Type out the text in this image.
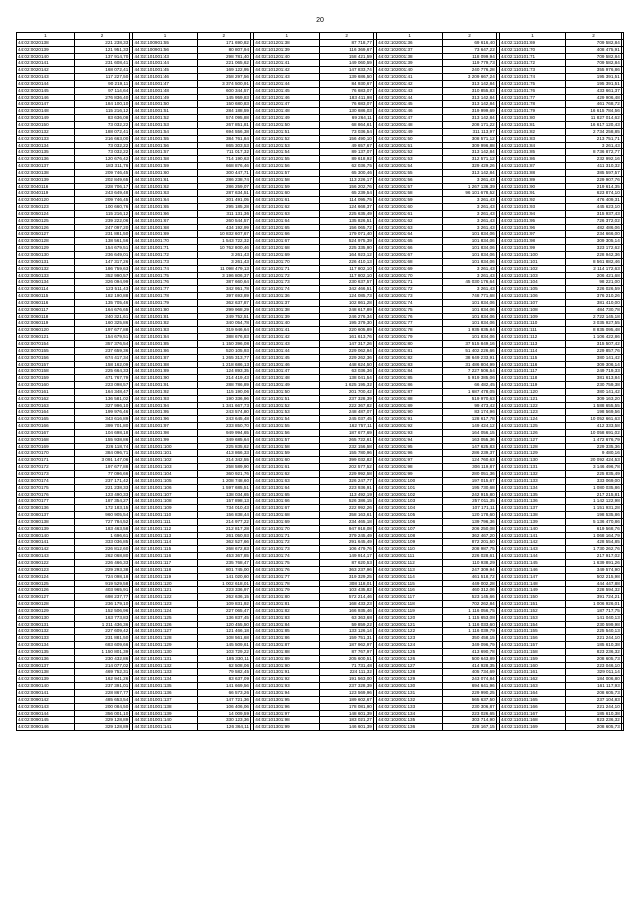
20
1	2		1	2		1	2		1	2		1	2	
44:02:0020138	221 238,33		44:02:100901:55	171 690,82		44:02:101201:38	87 718,77		44:02:102001:36	69 616,40		44:02:110101:69	709 582,84	
44:02:0020139	121 951,33		44:02:100901:56	80 807,94		44:02:101201:39	116 369,67		44:02:102001:37	73 647,22		44:02:110101:70	408 475,91	
44:02:0020140	137 914,70		44:02:101001:43	298 781,40		44:02:101201:40	158 421,59		44:02:102001:38	118 099,94		44:02:110101:71	709 582,84	
44:02:0020141	231 608,41		44:02:101001:44	221 065,62		44:02:101201:41	149 060,59		44:02:102001:39	119 779,73		44:02:110101:72	709 582,84	
44:02:0020142	168 072,41		44:02:101001:45	169 122,95		44:02:101201:42	147 833,74		44:02:102001:40	240 776,28		44:02:110101:73	355 976,86	
44:02:0020143	117 227,50		44:02:101001:46	258 297,56		44:02:101201:43	139 686,50		44:02:102001:41	3 209 667,24		44:02:110101:74	195 391,51	
44:02:0020144	90 219,11		44:02:101001:47	3 374 500,91		44:02:101201:44	84 930,67		44:02:102001:42	313 142,84		44:02:110101:75	195 391,51	
44:02:0020145	97 114,64		44:02:101001:48	600 344,57		44:02:101201:45	76 683,07		44:02:102001:43	310 855,83		44:02:110101:76	433 661,37	
44:02:0020146	276 836,40		44:02:101001:49	145 959,83		44:02:101201:46	183 411,98		44:02:102001:44	313 142,84		44:02:110101:77	429 906,48	
44:02:0020147	184 100,10		44:02:101001:50	150 680,83		44:02:101201:47	76 683,07		44:02:102001:45	313 142,84		44:02:110101:78	461 768,72	
44:02:0020148	115 216,12		44:02:101001:51	284 188,59		44:02:101201:48	130 686,03		44:02:102001:46	319 999,69		44:02:110101:79	16 615 784,56	
44:02:0020149	83 636,08		44:02:101001:52	574 095,88		44:02:101201:49	69 264,11		44:02:102001:47	313 142,84		44:02:110101:80	11 827 014,62	
44:02:0020150	73 032,22		44:02:101001:53	267 851,81		44:02:101201:50	68 864,61		44:02:102001:48	208 171,22		44:02:110101:81	16 617 120,43	
44:02:0030132	188 072,41		44:02:101001:54	694 556,38		44:02:101201:51	73 036,54		44:02:102001:49	311 113,97		44:02:110101:82	2 734 258,85	
44:02:0030133	216 663,00		44:02:101001:55	384 761,84		44:02:101201:52	156 490,10		44:02:102001:50	308 571,12		44:02:110101:83	213 751,71	
44:02:0030134	73 032,22		44:02:101001:56	865 303,53		44:02:101201:53	49 657,67		44:02:102001:51	309 996,88		44:02:110101:84	3 261,43	
44:02:0030135	73 032,22		44:02:101001:57	711 017,32		44:02:101201:54	89 137,07		44:02:102001:52	313 142,84		44:02:110101:85	8 736 872,77	
44:02:0030136	120 676,42		44:02:101001:58	714 190,63		44:02:101201:55	89 618,92		44:02:102001:53	312 571,12		44:02:110101:86	232 992,16	
44:02:0030137	183 311,76		44:02:101001:59	668 876,46		44:02:101201:56	62 036,75		44:02:102001:54	329 429,26		44:02:110101:87	411 310,32	
44:02:0030138	209 746,45		44:02:101001:60	300 447,71		44:02:101201:57	65 300,46		44:02:102001:55	313 142,84		44:02:110101:88	385 597,57	
44:02:0030139	202 849,65		44:02:101001:61	286 238,74		44:02:101201:58	113 226,17		44:02:102001:56	3 261,43		44:02:110101:89	229 907,76	
44:02:0040116	228 706,17		44:02:101001:62	286 259,07		44:02:101201:59	156 202,76		44:02:102001:57	1 267 136,39		44:02:110101:90	219 614,35	
44:02:0040119	243 649,48		44:02:101001:63	287 634,51		44:02:101201:60	65 239,54		44:02:102001:58	96 101 678,52		44:02:110101:91	623 874,10	
44:02:0040120	209 746,45		44:02:101001:64	201 491,05		44:02:101201:61	114 095,75		44:02:102001:59	3 261,43		44:02:110101:92	476 409,31	
44:02:0050123	100 660,76		44:02:101001:65	295 185,28		44:02:101201:62	124 668,37		44:02:102001:60	3 261,43		44:02:110101:93	445 623,10	
44:02:0050124	115 216,12		44:02:101001:66	311 131,36		44:02:101201:63	225 635,49		44:02:102001:61	3 261,43		44:02:110101:94	315 937,43	
44:02:0050125	239 222,06		44:02:101001:67	260 544,57		44:02:101201:64	135 826,51		44:02:102001:62	3 261,43		44:02:110101:95	726 372,02	
44:02:0050126	247 097,20		44:02:101001:68	434 192,99		44:02:101201:65	156 065,72		44:02:102001:63	3 261,43		44:02:110101:96	482 486,06	
44:02:0050127	231 881,50		44:02:101001:69	10 832 607,67		44:02:101201:66	179 071,40		44:02:102001:64	101 834,06		44:02:110101:97	234 666,00	
44:02:0050128	138 561,56		44:02:101001:70	1 543 722,32		44:02:101201:67	524 975,39		44:02:102001:65	101 834,06		44:02:110101:98	309 305,14	
44:02:0050129	154 679,51		44:02:101001:71	10 762 800,46		44:02:101201:68	225 335,90		44:02:102001:66	101 834,06		44:02:110101:99	323 172,62	
44:02:0050130	236 649,01		44:02:101001:72	3 261,43		44:02:101201:69	164 923,12		44:02:102001:67	101 834,06		44:02:110101:100	228 942,36	
44:02:0050131	147 317,26		44:02:101001:73	3 261,43		44:02:101201:70	226 410,13		44:02:102001:68	101 834,06		44:02:110101:101	8 561 882,46	
44:02:0050132	186 759,63		44:02:101001:74	11 098 479,13		44:02:101201:71	117 802,10		44:02:102001:69	3 261,43		44:02:110101:102	2 114 172,63	
44:02:0050133	352 990,57		44:02:101001:75	3 196 806,37		44:02:101201:72	117 802,10		44:02:102001:70	3 261,43		44:02:110101:103	206 421,68	
44:02:0050134	326 094,99		44:02:101001:76	387 660,64		44:02:101201:73	230 637,57		44:02:102001:71	45 030 176,64		44:02:110101:104	98 221,00	
44:02:0060114	123 511,43		44:02:101001:77	342 951,78		44:02:101201:74	342 466,51		44:02:102001:72	3 261,43		44:02:110101:105	226 026,59	
44:02:0060115	182 190,88		44:02:101001:78	397 693,89		44:02:101301:36	124 085,73		44:02:102001:73	748 771,68		44:02:110101:106	376 210,26	
44:02:0060116	135 705,46		44:02:101001:79	362 637,87		44:02:101301:37	102 861,28		44:02:102001:74	101 834,06		44:02:110101:107	381 410,00	
44:02:0060117	164 676,65		44:02:101001:80	299 968,29		44:02:101301:38	248 617,89		44:02:102001:75	101 834,06		44:02:110101:108	484 730,78	
44:02:0060118	240 321,61		44:02:101001:81	249 752,51		44:02:101301:39	246 276,34		44:02:102001:76	101 834,06		44:02:110101:109	2 722 145,18	
44:02:0060119	160 325,86		44:02:101001:82	340 054,78		44:02:101301:40	195 379,30		44:02:102001:77	101 834,06		44:02:110101:110	3 035 927,55	
44:02:0060120	197 677,88		44:02:101001:83	319 946,64		44:02:101301:41	220 605,89		44:02:102001:78	1 935 835,84		44:02:110101:111	8 835 095,48	
44:02:0060121	154 679,51		44:02:101001:84	388 676,83		44:02:101301:42	161 613,76		44:02:102001:79	101 834,06		44:02:110101:112	1 106 422,86	
44:02:0070154	357 376,54		44:02:101001:85	1 150 396,08		44:02:101301:43	147 317,26		44:02:102001:80	37 515 849,16		44:02:110101:113	315 507,42	
44:02:0070155	237 659,36		44:02:101001:86	520 105,93		44:02:101301:44	229 062,94		44:02:102001:81	51 402 226,66		44:02:110101:114	229 857,76	
44:02:0070156	674 417,34		44:02:101001:87	1 265 313,77		44:02:101301:45	229 262,36		44:02:102001:82	38 649 233,91		44:02:110101:115	380 141,42	
44:02:0070157	158 162,09		44:02:101001:88	1 218 686,13		44:02:101301:46	448 624,50		44:02:102001:83	31 486 804,99		44:02:110101:116	309 306,14	
44:02:0070158	225 664,33		44:02:101001:89	124 893,35		44:02:101301:47	63 036,36		44:02:102001:84	7 227 506,54		44:02:110101:117	249 719,33	
44:02:0070159	471 767,79		44:02:101001:90	214 419,43		44:02:101301:48	138 041,54		44:02:102001:85	5 919 385,06		44:02:110101:118	381 613,84	
44:02:0070160	223 098,57		44:02:101001:91	288 786,89		44:02:101301:49	1 625 195,32		44:02:102001:86	66 482,45		44:02:110101:119	230 759,38	
44:02:0070161	164 348,47		44:02:101001:92	115 190,06		44:02:101301:50	201 700,42		44:02:102001:87	1 687 478,05		44:02:110101:120	380 141,42	
44:02:0070162	136 581,02		44:02:101001:93	190 336,96		44:02:101301:51	237 328,39		44:02:102001:88	519 970,63		44:02:110101:121	309 163,20	
44:02:0070163	327 996,10		44:02:101001:94	1 341 667,73		44:02:101301:52	222 367,82		44:02:102001:89	99 473,42		44:02:110101:122	1 588 655,55	
44:02:0070164	199 976,46		44:02:101001:95	243 574,80		44:02:101301:53	248 487,07		44:02:102001:90	83 174,96		44:02:110101:123	198 569,56	
44:02:0070165	343 616,89		44:02:101001:96	243 645,48		44:02:101301:54	245 037,45		44:02:102001:91	128 617,78		44:02:110101:124	10 052 661,63	
44:02:0070166	399 701,80		44:02:101001:97	233 850,70		44:02:101301:55	162 757,11		44:02:102001:92	149 424,12		44:02:110101:125	412 333,58	
44:02:0070167	104 698,18		44:02:101001:98	949 994,65		44:02:101301:56	187 677,69		44:02:102001:93	164 056,15		44:02:110101:126	10 058 691,02	
44:02:0070168	155 938,86		44:02:101001:99	349 685,64		44:02:101301:57	265 722,61		44:02:102001:94	163 055,36		44:02:110101:127	1 472 676,79	
44:02:0070169	226 118,74		44:02:101001:100	225 835,62		44:02:101301:58	232 156,58		44:02:102001:95	147 625,83		44:02:110101:128	229 335,36	
44:02:0070170	384 096,71		44:02:101001:101	413 866,33		44:02:101301:59	155 780,96		44:02:102001:96	286 239,37		44:02:110101:129	9 480,16	
44:02:0070171	3 091 147,06		44:02:101001:102	214 342,55		44:02:101301:60	399 032,82		44:02:102001:97	124 760,63		44:02:110101:130	20 092 424,53	
44:02:0070172	197 677,88		44:02:101001:103	258 589,90		44:02:101301:61	202 577,52		44:02:102001:98	306 119,87		44:02:110101:131	3 146 496,78	
44:02:0070173	77 096,66		44:02:101001:104	360 921,76		44:02:101301:62	229 992,58		44:02:102001:99	280 051,36		44:02:110101:132	225 835,49	
44:02:0070174	237 171,42		44:02:101001:105	1 208 748,60		44:02:101301:63	326 247,77		44:02:102001:100	197 015,67		44:02:110101:133	333 069,00	
44:02:0070175	221 238,33		44:02:101001:106	1 597 685,51		44:02:101301:64	223 936,91		44:02:102001:101	195 730,68		44:02:110101:134	1 080 035,86	
44:02:0070176	123 490,33		44:02:101001:107	138 034,65		44:02:101301:65	113 492,19		44:02:102001:102	242 915,80		44:02:110101:135	217 215,81	
44:02:0070177	187 354,27		44:02:101001:108	157 898,13		44:02:101301:66	526 386,15		44:02:102001:103	257 011,35		44:02:110101:136	1 142 122,98	
44:02:0080136	172 183,15		44:02:101001:109	734 010,43		44:02:101301:67	222 992,26		44:02:102001:104	107 171,11		44:02:110101:137	1 151 931,28	
44:02:0080137	960 905,54		44:02:101001:110	156 838,44		44:02:101301:68	358 163,61		44:02:102001:105	120 178,60		44:02:110101:138	198 535,86	
44:02:0080138	727 784,52		44:02:101001:111	214 977,22		44:02:101301:69	234 465,18		44:02:102001:106	139 796,36		44:02:110101:139	5 136 470,86	
44:02:0080139	183 463,58		44:02:101001:112	212 817,28		44:02:101301:70	947 918,08		44:02:102001:107	206 250,08		44:02:110101:140	619 568,76	
44:02:0080140	1 696,61		44:02:101001:113	261 050,93		44:02:101301:71	379 245,49		44:02:102001:108	362 467,20		44:02:110101:141	1 068 164,79	
44:02:0080141	333 036,85		44:02:101001:114	362 527,66		44:02:101301:72	291 645,49		44:02:102001:109	872 201,50		44:02:110101:142	428 554,85	
44:02:0080142	226 812,60		44:02:101001:115	268 672,83		44:02:101301:73	106 479,76		44:02:102001:110	208 987,75		44:02:110101:143	1 730 262,76	
44:02:0080143	262 068,80		44:02:101001:116	453 367,85		44:02:101301:74	149 914,17		44:02:102001:111	226 028,61		44:02:110101:144	217 917,02	
44:02:0090122	226 466,33		44:02:101001:117	235 768,47		44:02:101301:75	87 620,53		44:02:102001:112	110 938,29		44:02:110101:145	1 639 891,26	
44:02:0090123	229 293,38		44:02:101001:118	801 745,00		44:02:101301:76	363 237,96		44:02:102001:113	247 309,94		44:02:110101:146	349 574,90	
44:02:0090124	724 098,18		44:02:101001:119	141 020,60		44:02:101301:77	319 329,25		44:02:102001:114	461 518,72		44:02:110101:147	502 215,98	
44:02:0090125	919 529,58		44:02:101001:120	1 002 618,01		44:02:101301:78	308 118,01		44:02:102001:115	449 002,28		44:02:110101:148	444 447,88	
44:02:0090126	403 965,91		44:02:101001:121	223 336,97		44:02:101301:79	103 435,82		44:02:102001:116	460 312,06		44:02:110101:149	228 594,32	
44:02:0090127	698 237,77		44:02:101001:122	262 636,15		44:02:101301:80	572 214,46		44:02:102001:117	523 145,66		44:02:110101:150	391 724,21	
44:02:0090128	236 179,10		44:02:101001:123	109 831,92		44:02:101301:81	168 433,23		44:02:102001:118	702 262,84		44:02:110101:151	1 006 926,01	
44:02:0090129	152 506,96		44:02:101001:124	227 065,47		44:02:101301:82	166 935,46		44:02:102001:119	1 116 056,75		44:02:110101:152	187 717,75	
44:02:0090130	163 773,83		44:02:101001:125	136 837,45		44:02:101301:83	63 363,68		44:02:102001:120	1 115 653,08		44:02:110101:153	141 040,13	
44:02:0090131	1 211 436,36		44:02:101001:126	120 455,50		44:02:101301:84	59 859,22		44:02:102001:121	1 116 033,60		44:02:110101:154	230 599,98	
44:02:0090132	227 609,42		44:02:101001:127	121 466,18		44:02:101301:85	133 126,14		44:02:102001:122	1 116 039,79		44:02:110101:155	225 540,13	
44:02:0090133	231 881,50		44:02:101001:128	108 561,68		44:02:101301:86	159 751,31		44:02:102001:123	350 458,15		44:02:110101:156	221 244,10	
44:02:0090134	683 609,66		44:02:101001:129	145 509,61		44:02:101301:87	187 962,97		44:02:102001:124	349 096,79		44:02:110101:157	185 610,38	
44:02:0090135	1 150 801,39		44:02:101001:130	103 729,22		44:02:101301:88	87 767,97		44:02:102001:125	413 690,78		44:02:110101:158	823 236,32	
44:02:0090136	230 432,86		44:02:101001:131	185 330,11		44:02:101301:89	205 600,51		44:02:102001:126	500 643,89		44:02:110101:159	208 605,73	
44:02:0090137	214 077,02		44:02:101001:132	62 508,06		44:02:101301:90	71 731,48		44:02:102001:127	414 928,35		44:02:110101:160	223 046,10	
44:02:0090138	469 752,31		44:02:101001:133	79 582,45		44:02:101301:91	224 111,32		44:02:102001:128	405 734,69		44:02:110101:161	329 011,14	
44:02:0090139	162 941,26		44:02:101001:134	83 637,09		44:02:101301:92	191 563,00		44:02:102001:129	243 074,84		44:02:110101:162	184 006,80	
44:02:0090140	237 391,01		44:02:101001:135	141 669,56		44:02:101301:93	237 328,39		44:02:102001:130	694 641,96		44:02:110101:163	161 117,93	
44:02:0090141	228 867,77		44:02:101001:136	66 573,26		44:02:101301:94	123 569,96		44:02:102001:131	229 990,25		44:02:110101:164	208 605,73	
44:02:0090142	485 653,54		44:02:101001:137	147 721,36		44:02:101301:95	189 602,67		44:02:102001:132	565 637,50		44:02:110101:165	237 104,83	
44:02:0090143	200 084,50		44:02:101001:138	106 406,06		44:02:101301:96	178 081,90		44:02:102001:133	230 306,87		44:02:110101:166	221 244,10	
44:02:0090144	356 001,10		44:02:101001:139	14 009,59		44:02:101301:97	148 601,39		44:02:102001:134	223 026,65		44:02:110101:167	185 610,38	
44:02:0090145	329 128,89		44:02:101001:140	330 123,36		44:02:101301:98	183 021,27		44:02:102001:135	303 714,90		44:02:110101:168	823 236,32	
44:02:0090146	329 128,89		44:02:101001:141	126 364,11		44:02:101301:99	146 601,39		44:02:102001:136	228 167,15		44:02:110101:169	208 605,73	
